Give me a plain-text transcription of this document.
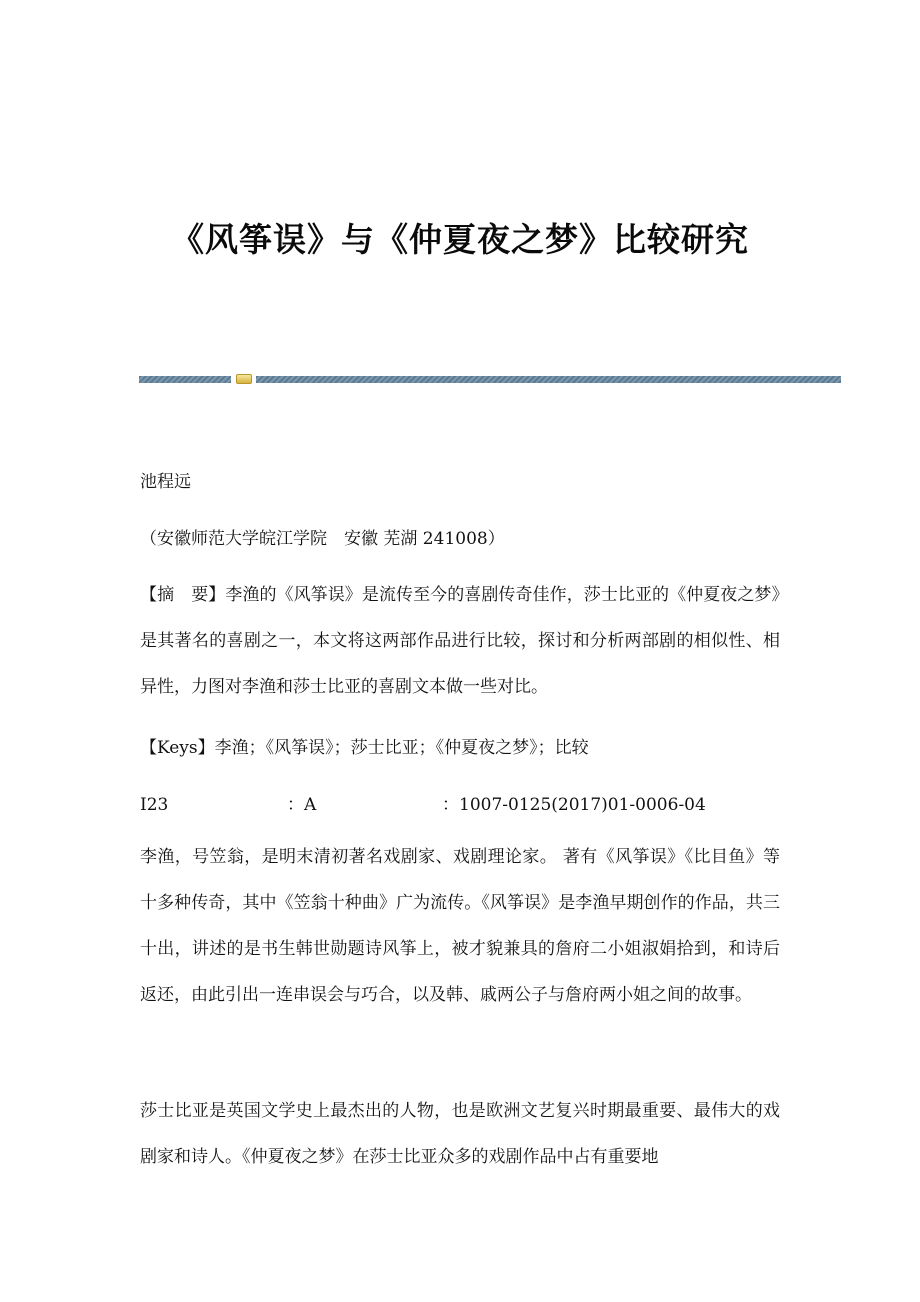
《风筝误》与《仲夏夜之梦》比较研究
池程远
（安徽师范大学皖江学院　安徽 芜湖 241008）
【摘　要】李渔的《风筝误》是流传至今的喜剧传奇佳作，莎士比亚的《仲夏夜之梦》是其著名的喜剧之一，本文将这两部作品进行比较，探讨和分析两部剧的相似性、相异性，力图对李渔和莎士比亚的喜剧文本做一些对比。
【Keys】李渔；《风筝误》；莎士比亚；《仲夏夜之梦》；比较
I23	：A	：1007-0125(2017)01-0006-04
李渔，号笠翁，是明末清初著名戏剧家、戏剧理论家。 著有《风筝误》《比目鱼》等十多种传奇，其中《笠翁十种曲》广为流传。《风筝误》是李渔早期创作的作品，共三十出，讲述的是书生韩世勋题诗风筝上，被才貌兼具的詹府二小姐淑娟拾到，和诗后返还，由此引出一连串误会与巧合，以及韩、戚两公子与詹府两小姐之间的故事。
莎士比亚是英国文学史上最杰出的人物，也是欧洲文艺复兴时期最重要、最伟大的戏剧家和诗人。《仲夏夜之梦》在莎士比亚众多的戏剧作品中占有重要地
